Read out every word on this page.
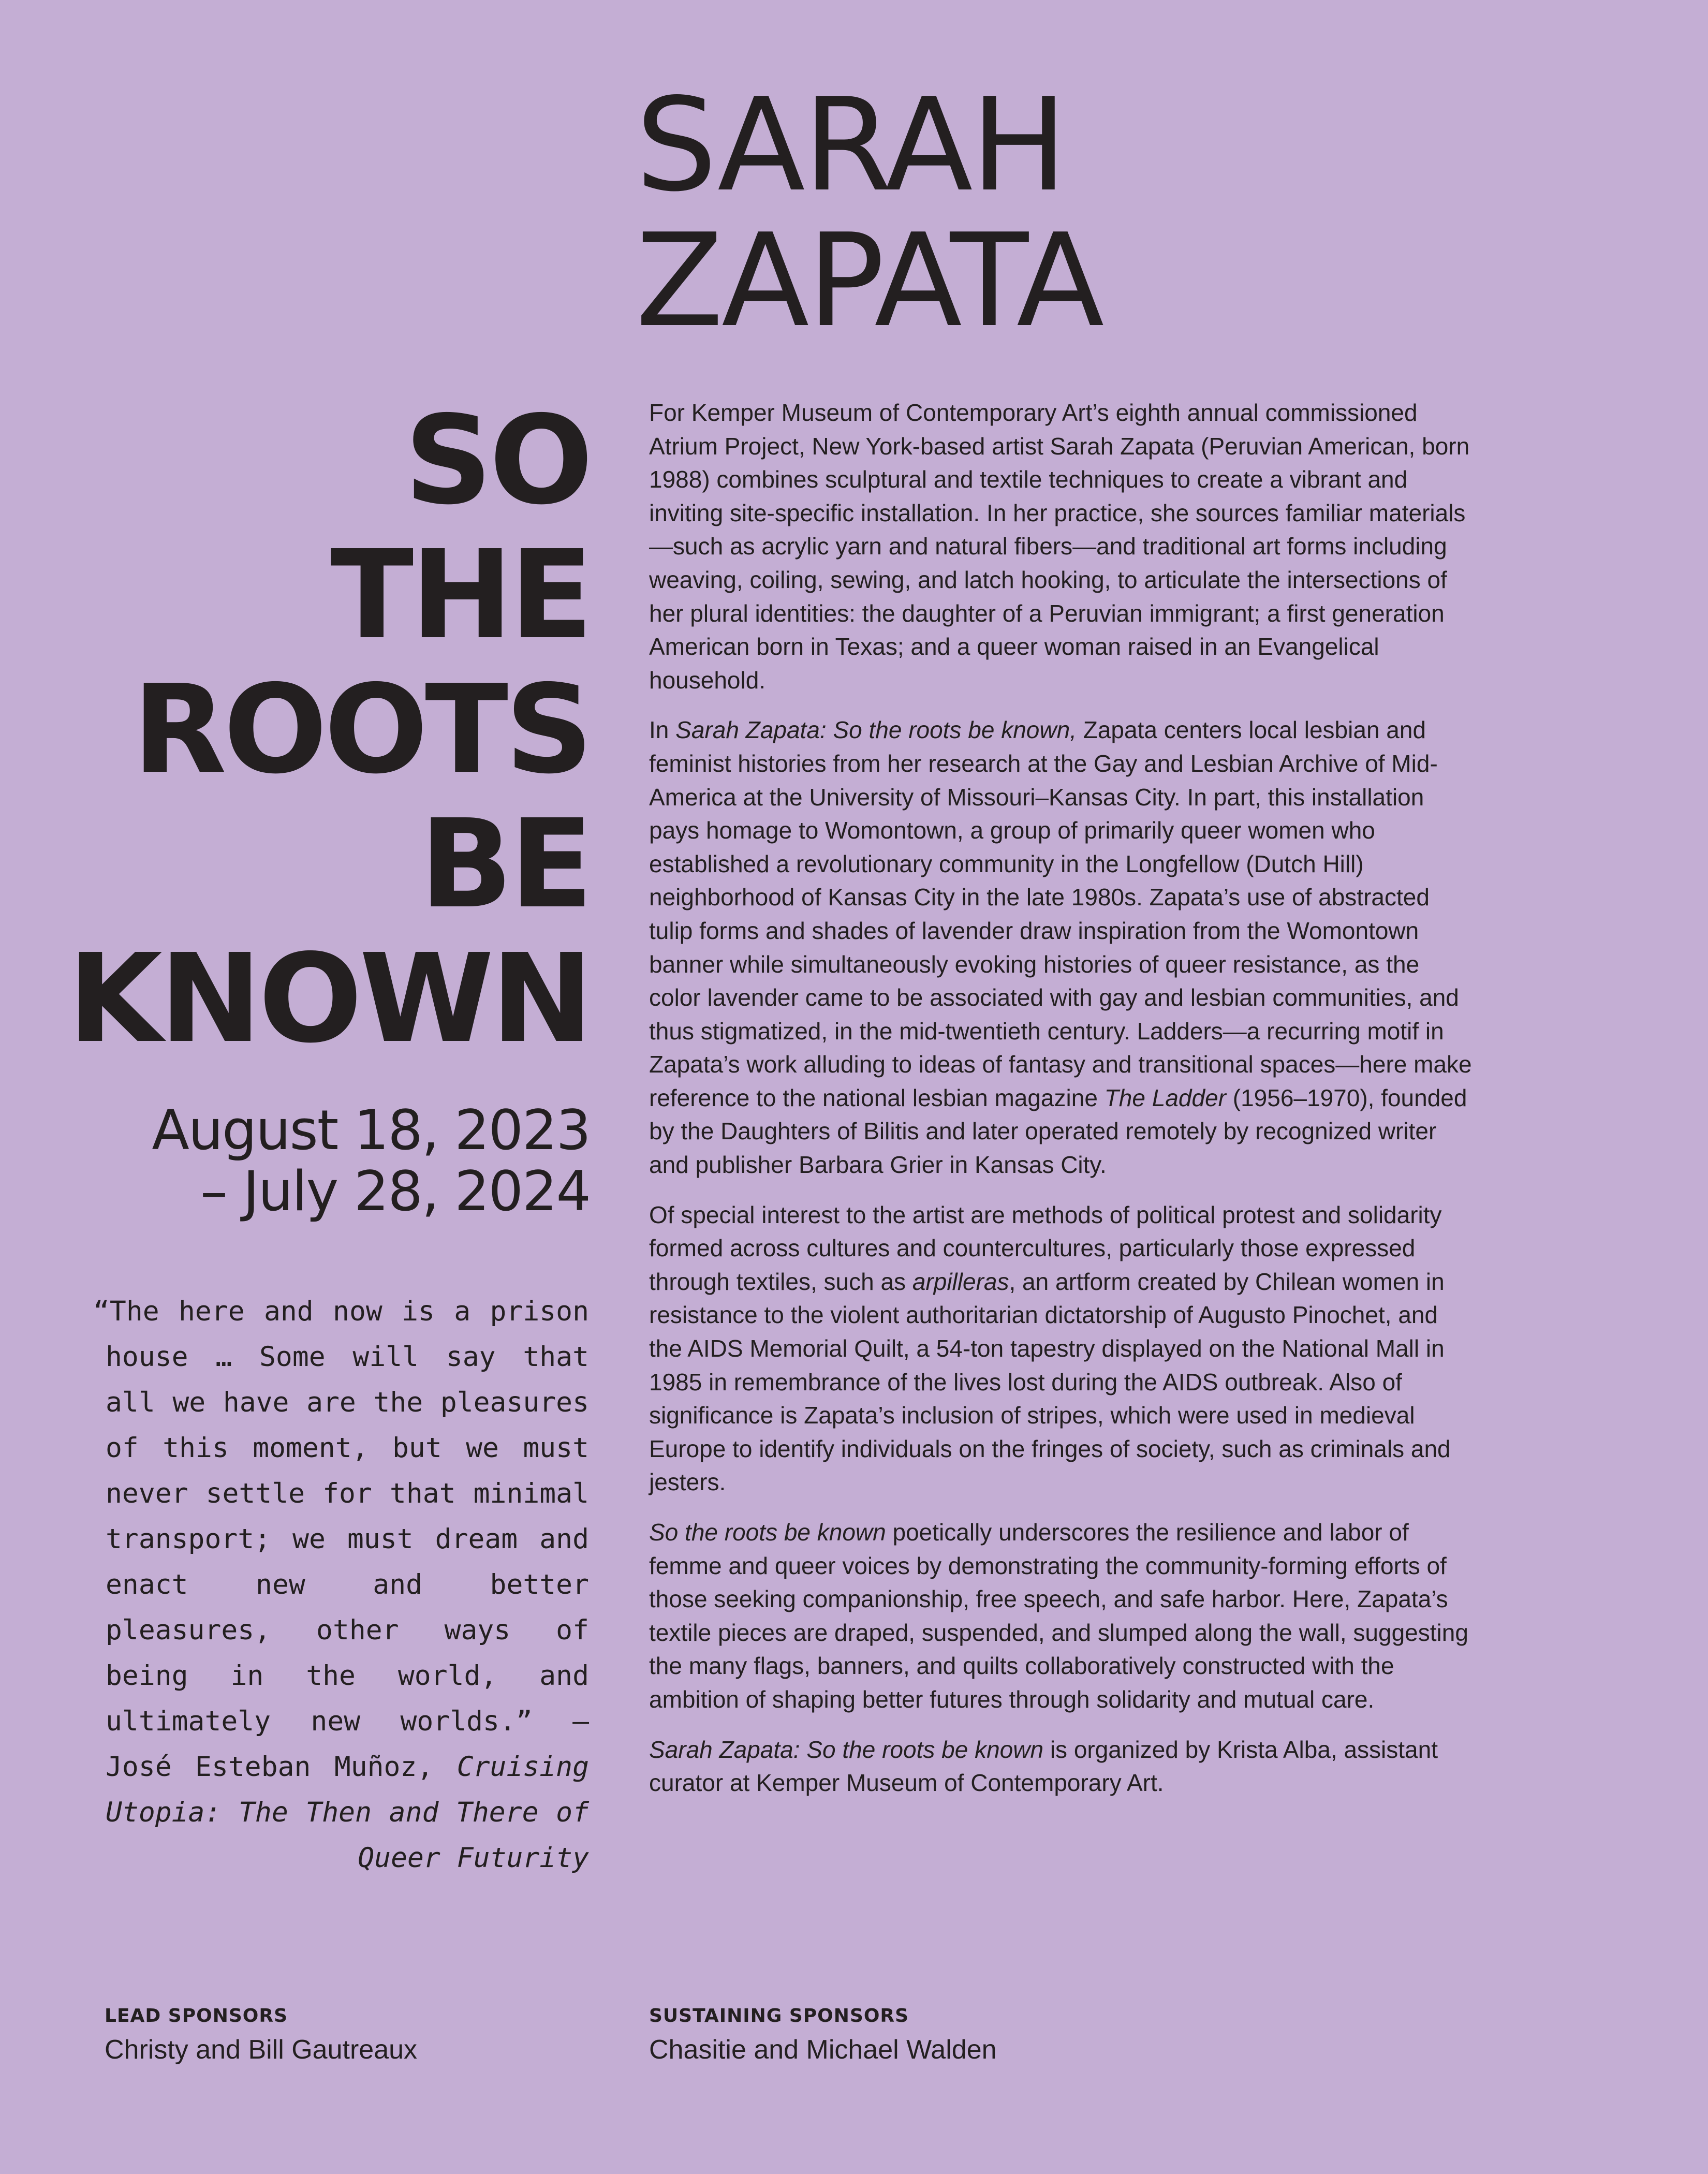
SARAH
ZAPATA
SO
THE
ROOTS
BE
KNOWN
August 18, 2023
– July 28, 2024
“The here and now is a prison house … Some will say that all we have are the pleasures of this moment, but we must never settle for that minimal transport; we must dream and enact new and better pleasures, other ways of being in the world, and ultimately new worlds.” — José Esteban Muñoz, Cruising Utopia: The Then and There of Queer Futurity

For Kemper Museum of Contemporary Art’s eighth annual commissioned Atrium Project, New York-based artist Sarah Zapata (Peruvian American, born 1988) combines sculptural and textile techniques to create a vibrant and inviting site-specific installation. In her practice, she sources familiar materials—such as acrylic yarn and natural fibers—and traditional art forms including weaving, coiling, sewing, and latch hooking, to articulate the intersections of her plural identities: the daughter of a Peruvian immigrant; a first generation American born in Texas; and a queer woman raised in an Evangelical household.

In Sarah Zapata: So the roots be known, Zapata centers local lesbian and feminist histories from her research at the Gay and Lesbian Archive of Mid-America at the University of Missouri–Kansas City. In part, this installation pays homage to Womontown, a group of primarily queer women who established a revolutionary community in the Longfellow (Dutch Hill) neighborhood of Kansas City in the late 1980s. Zapata’s use of abstracted tulip forms and shades of lavender draw inspiration from the Womontown banner while simultaneously evoking histories of queer resistance, as the color lavender came to be associated with gay and lesbian communities, and thus stigmatized, in the mid-twentieth century. Ladders—a recurring motif in Zapata’s work alluding to ideas of fantasy and transitional spaces—here make reference to the national lesbian magazine The Ladder (1956–1970), founded by the Daughters of Bilitis and later operated remotely by recognized writer and publisher Barbara Grier in Kansas City.

Of special interest to the artist are methods of political protest and solidarity formed across cultures and countercultures, particularly those expressed through textiles, such as arpilleras, an artform created by Chilean women in resistance to the violent authoritarian dictatorship of Augusto Pinochet, and the AIDS Memorial Quilt, a 54-ton tapestry displayed on the National Mall in 1985 in remembrance of the lives lost during the AIDS outbreak. Also of significance is Zapata’s inclusion of stripes, which were used in medieval Europe to identify individuals on the fringes of society, such as criminals and jesters.

So the roots be known poetically underscores the resilience and labor of femme and queer voices by demonstrating the community-forming efforts of those seeking companionship, free speech, and safe harbor. Here, Zapata’s textile pieces are draped, suspended, and slumped along the wall, suggesting the many flags, banners, and quilts collaboratively constructed with the ambition of shaping better futures through solidarity and mutual care.

Sarah Zapata: So the roots be known is organized by Krista Alba, assistant curator at Kemper Museum of Contemporary Art.

LEAD SPONSORS
Christy and Bill Gautreaux
SUSTAINING SPONSORS
Chasitie and Michael Walden
